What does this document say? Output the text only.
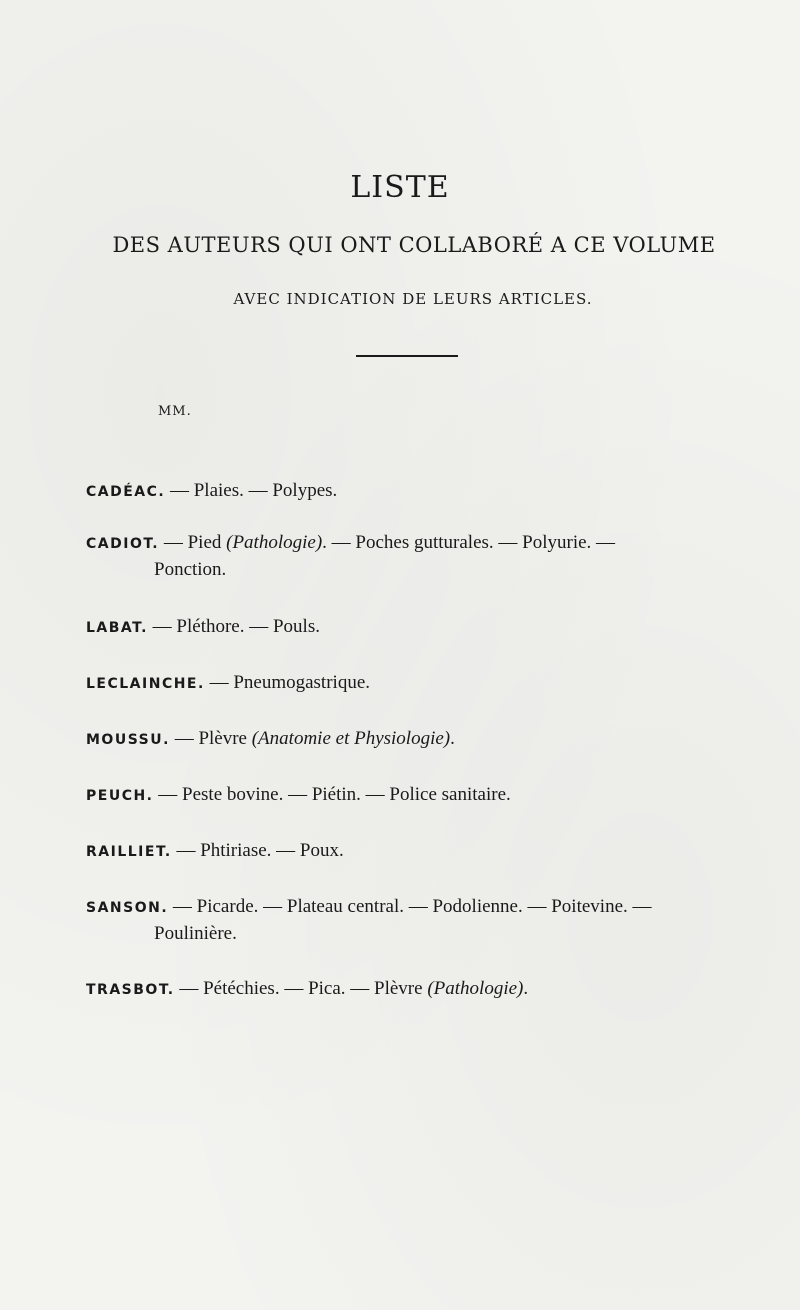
LISTE
DES AUTEURS QUI ONT COLLABORÉ A CE VOLUME
AVEC INDICATION DE LEURS ARTICLES.
MM.
CADÉAC. — Plaies. — Polypes.
CADIOT. — Pied (Pathologie). — Poches gutturales. — Polyurie. —
Ponction.
LABAT. — Pléthore. — Pouls.
LECLAINCHE. — Pneumogastrique.
MOUSSU. — Plèvre (Anatomie et Physiologie).
PEUCH. — Peste bovine. — Piétin. — Police sanitaire.
RAILLIET. — Phtiriase. — Poux.
SANSON. — Picarde. — Plateau central. — Podolienne. — Poitevine. —
Poulinière.
TRASBOT. — Pétéchies. — Pica. — Plèvre (Pathologie).
